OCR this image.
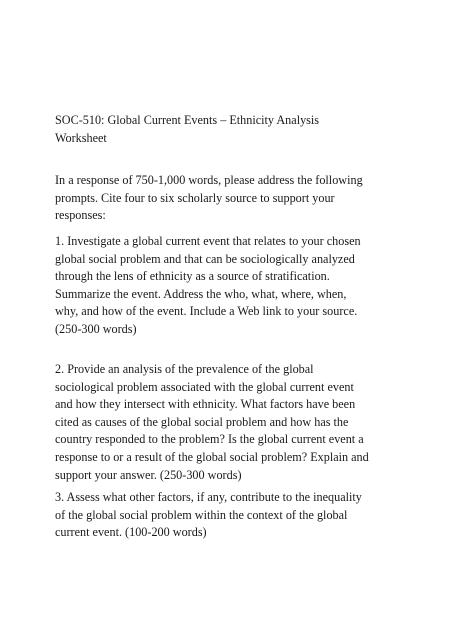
SOC-510: Global Current Events – Ethnicity Analysis
Worksheet
In a response of 750-1,000 words, please address the following
prompts. Cite four to six scholarly source to support your
responses:
1. Investigate a global current event that relates to your chosen
global social problem and that can be sociologically analyzed
through the lens of ethnicity as a source of stratification.
Summarize the event. Address the who, what, where, when,
why, and how of the event. Include a Web link to your source.
(250-300 words)
2. Provide an analysis of the prevalence of the global
sociological problem associated with the global current event
and how they intersect with ethnicity. What factors have been
cited as causes of the global social problem and how has the
country responded to the problem? Is the global current event a
response to or a result of the global social problem? Explain and
support your answer. (250-300 words)
3. Assess what other factors, if any, contribute to the inequality
of the global social problem within the context of the global
current event. (100-200 words)
